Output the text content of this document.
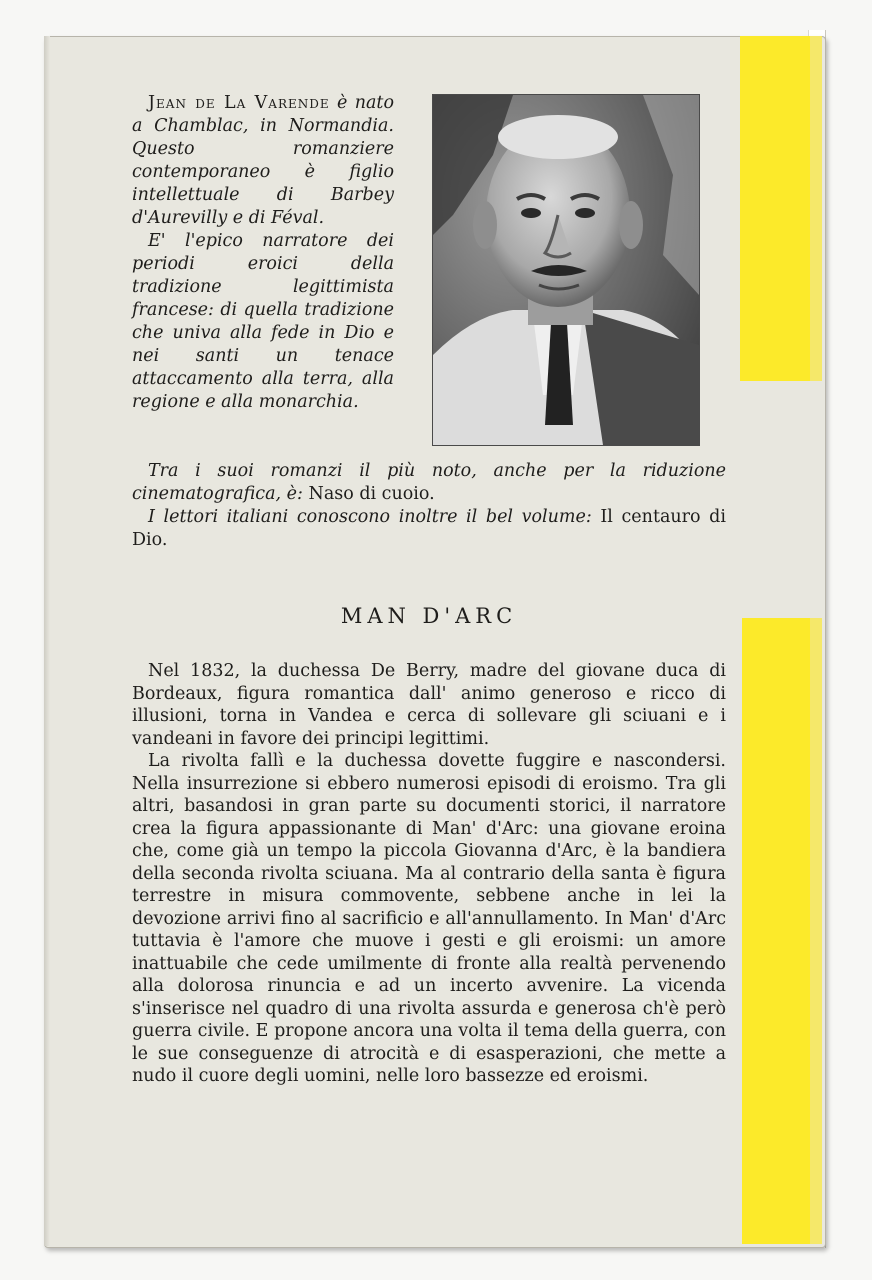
Jean de La Varende è nato a Chamblac, in Normandia. Questo romanziere contemporaneo è figlio intellettuale di Barbey d'Aurevilly e di Féval.

E' l'epico narratore dei periodi eroici della tradizione legittimista francese: di quella tradizione che univa alla fede in Dio e nei santi un tenace attaccamento alla terra, alla regione e alla monarchia.

Tra i suoi romanzi il più noto, anche per la riduzione cinematografica, è: Naso di cuoio.

I lettori italiani conoscono inoltre il bel volume: Il centauro di Dio.

MAN D'ARC

Nel 1832, la duchessa De Berry, madre del giovane duca di Bordeaux, figura romantica dall' animo generoso e ricco di illusioni, torna in Vandea e cerca di sollevare gli sciuani e i vandeani in favore dei principi legittimi.

La rivolta fallì e la duchessa dovette fuggire e nascondersi. Nella insurrezione si ebbero numerosi episodi di eroismo. Tra gli altri, basandosi in gran parte su documenti storici, il narratore crea la figura appassionante di Man' d'Arc: una giovane eroina che, come già un tempo la piccola Giovanna d'Arc, è la bandiera della seconda rivolta sciuana. Ma al contrario della santa è figura terrestre in misura commovente, sebbene anche in lei la devozione arrivi fino al sacrificio e all'annullamento. In Man' d'Arc tuttavia è l'amore che muove i gesti e gli eroismi: un amore inattuabile che cede umilmente di fronte alla realtà pervenendo alla dolorosa rinuncia e ad un incerto avvenire. La vicenda s'inserisce nel quadro di una rivolta assurda e generosa ch'è però guerra civile. E propone ancora una volta il tema della guerra, con le sue conseguenze di atrocità e di esasperazioni, che mette a nudo il cuore degli uomini, nelle loro bassezze ed eroismi.
